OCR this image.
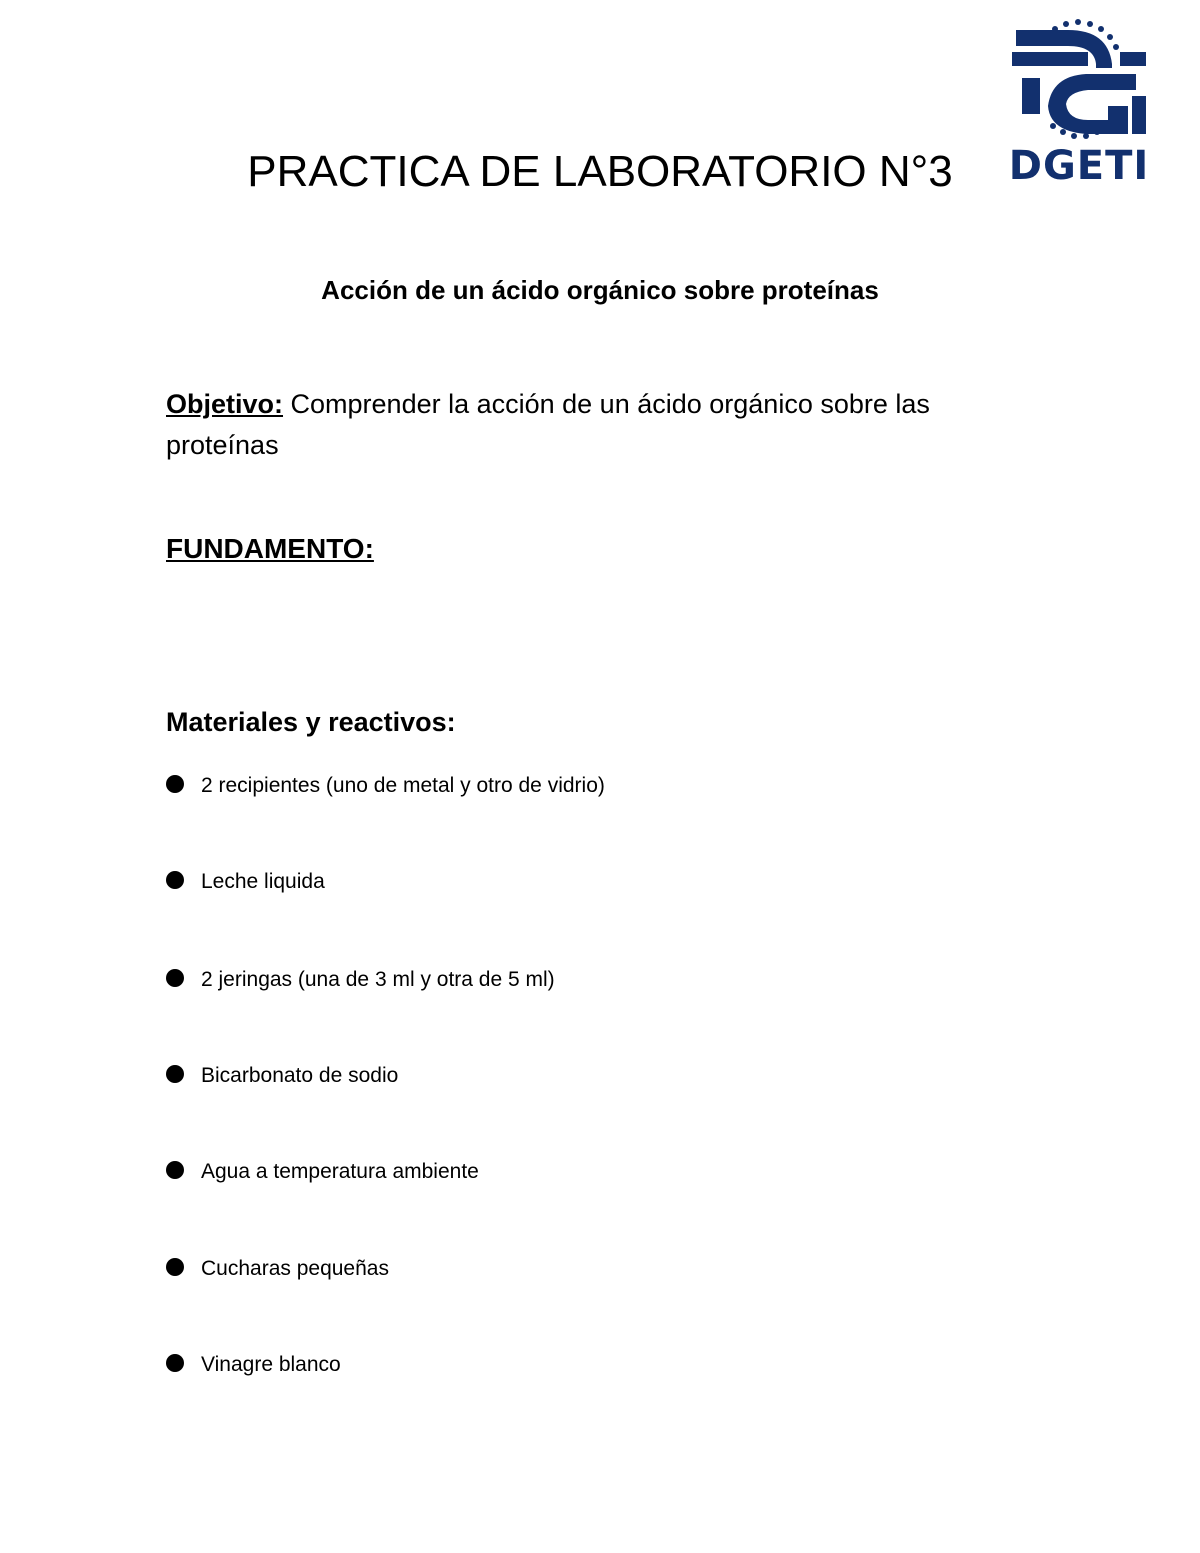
DGETI
PRACTICA DE LABORATORIO N°3
Acción de un ácido orgánico sobre proteínas
Objetivo: Comprender la acción de un ácido orgánico sobre las proteínas
FUNDAMENTO:
Materiales y reactivos:
2 recipientes (uno de metal y otro de vidrio)
Leche liquida
2 jeringas (una de 3 ml y otra de 5 ml)
Bicarbonato de sodio
Agua a temperatura ambiente
Cucharas pequeñas
Vinagre blanco
